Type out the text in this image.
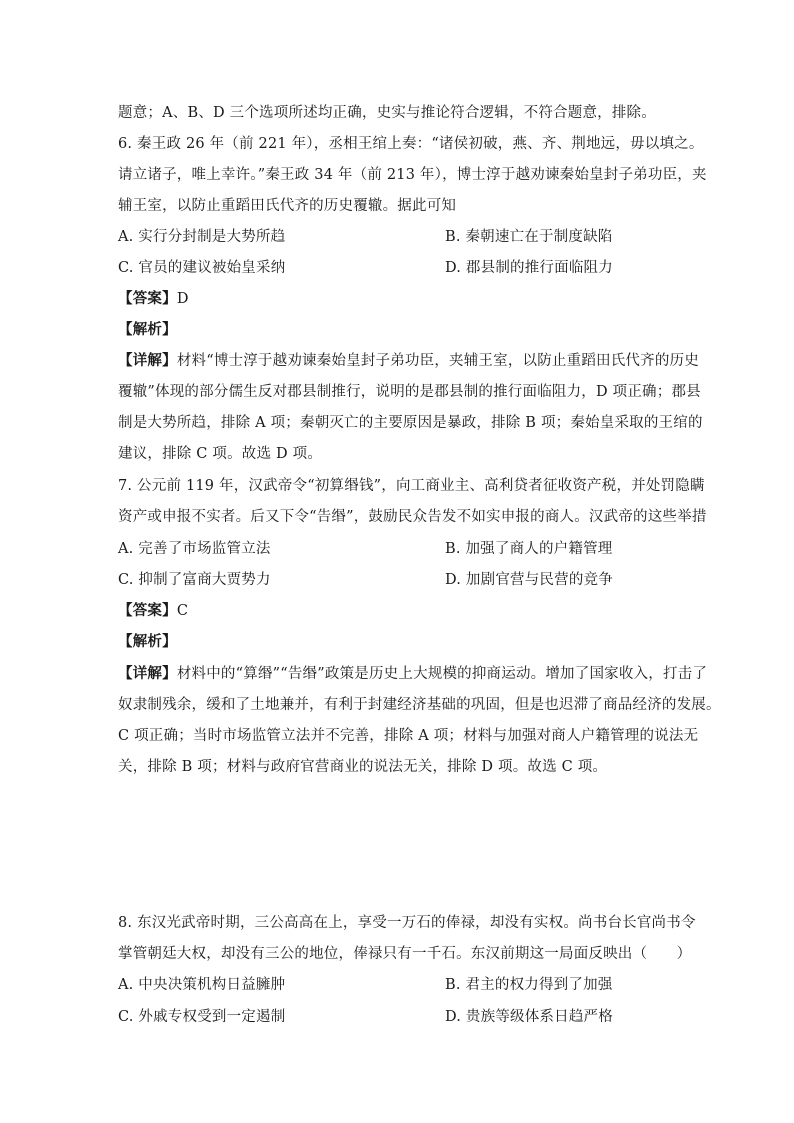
题意；A、B、D 三个选项所述均正确，史实与推论符合逻辑，不符合题意，排除。
6. 秦王政 26 年（前 221 年），丞相王绾上奏：“诸侯初破，燕、齐、荆地远，毋以填之。
请立诸子，唯上幸许。”秦王政 34 年（前 213 年），博士淳于越劝谏秦始皇封子弟功臣，夹
辅王室，以防止重蹈田氏代齐的历史覆辙。据此可知
A. 实行分封制是大势所趋	B. 秦朝速亡在于制度缺陷
C. 官员的建议被始皇采纳	D. 郡县制的推行面临阻力
【答案】D
【解析】
【详解】材料“博士淳于越劝谏秦始皇封子弟功臣，夹辅王室，以防止重蹈田氏代齐的历史
覆辙”体现的部分儒生反对郡县制推行，说明的是郡县制的推行面临阻力，D 项正确；郡县
制是大势所趋，排除 A 项；秦朝灭亡的主要原因是暴政，排除 B 项；秦始皇采取的王绾的
建议，排除 C 项。故选 D 项。
7. 公元前 119 年，汉武帝令“初算缗钱”，向工商业主、高利贷者征收资产税，并处罚隐瞒
资产或申报不实者。后又下令“告缗”，鼓励民众告发不如实申报的商人。汉武帝的这些举措
A. 完善了市场监管立法	B. 加强了商人的户籍管理
C. 抑制了富商大贾势力	D. 加剧官营与民营的竞争
【答案】C
【解析】
【详解】材料中的“算缗”“告缗”政策是历史上大规模的抑商运动。增加了国家收入，打击了
奴隶制残余，缓和了土地兼并，有利于封建经济基础的巩固，但是也迟滞了商品经济的发展。
C 项正确；当时市场监管立法并不完善，排除 A 项；材料与加强对商人户籍管理的说法无
关，排除 B 项；材料与政府官营商业的说法无关，排除 D 项。故选 C 项。
8. 东汉光武帝时期，三公高高在上，享受一万石的俸禄，却没有实权。尚书台长官尚书令
掌管朝廷大权，却没有三公的地位，俸禄只有一千石。东汉前期这一局面反映出（　　）
A. 中央决策机构日益臃肿	B. 君主的权力得到了加强
C. 外戚专权受到一定遏制	D. 贵族等级体系日趋严格
